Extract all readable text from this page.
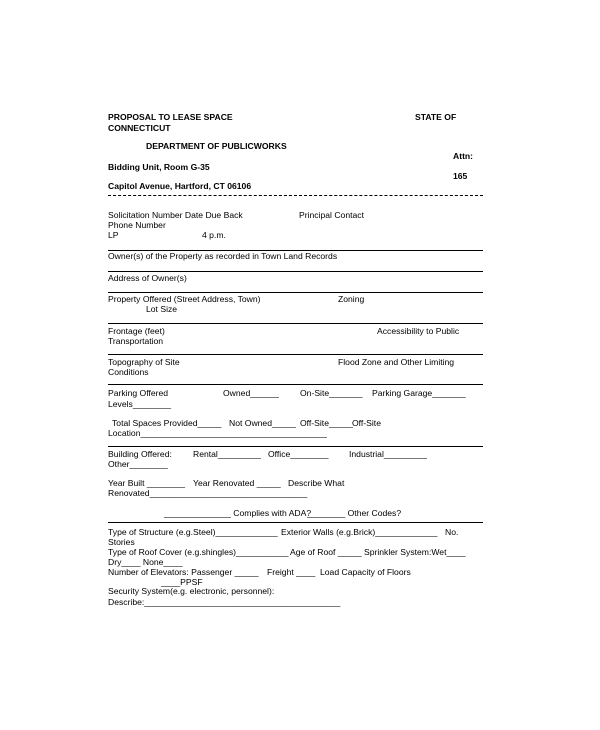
PROPOSAL TO LEASE SPACE	STATE OF
CONNECTICUT
DEPARTMENT OF PUBLICWORKS
Attn:
Bidding Unit, Room G-35
165
Capitol Avenue, Hartford, CT 06106
Solicitation Number Date Due Back	Principal Contact
Phone Number
LP	4 p.m.
Owner(s) of the Property as recorded in Town Land Records
Address of Owner(s)
Property Offered (Street Address, Town)	Zoning
Lot Size
Frontage (feet)	Accessibility to Public
Transportation
Topography of Site	Flood Zone and Other Limiting
Conditions
Parking Offered	Owned______ On-Site_______ Parking Garage_______
Levels________
Total Spaces Provided_____ Not Owned_____ Off-Site_____ Off-Site
Location_______________________________________
Building Offered: Rental_________ Office________ Industrial_________
Other________
Year Built ________ Year Renovated _____ Describe What
Renovated_________________________________
______________ Complies with ADA?
________ Other Codes?
Type of Structure (e.g.Steel)_____________ Exterior Walls (e.g.Brick)_____________ No.
Stories
Type of Roof Cover (e.g.shingles)___________ Age of Roof _____ Sprinkler System:Wet____
Dry____ None____
Number of Elevators: Passenger _____ Freight ____ Load Capacity of Floors
____PPSF
Security System(e.g. electronic, personnel):
Describe:_________________________________________
